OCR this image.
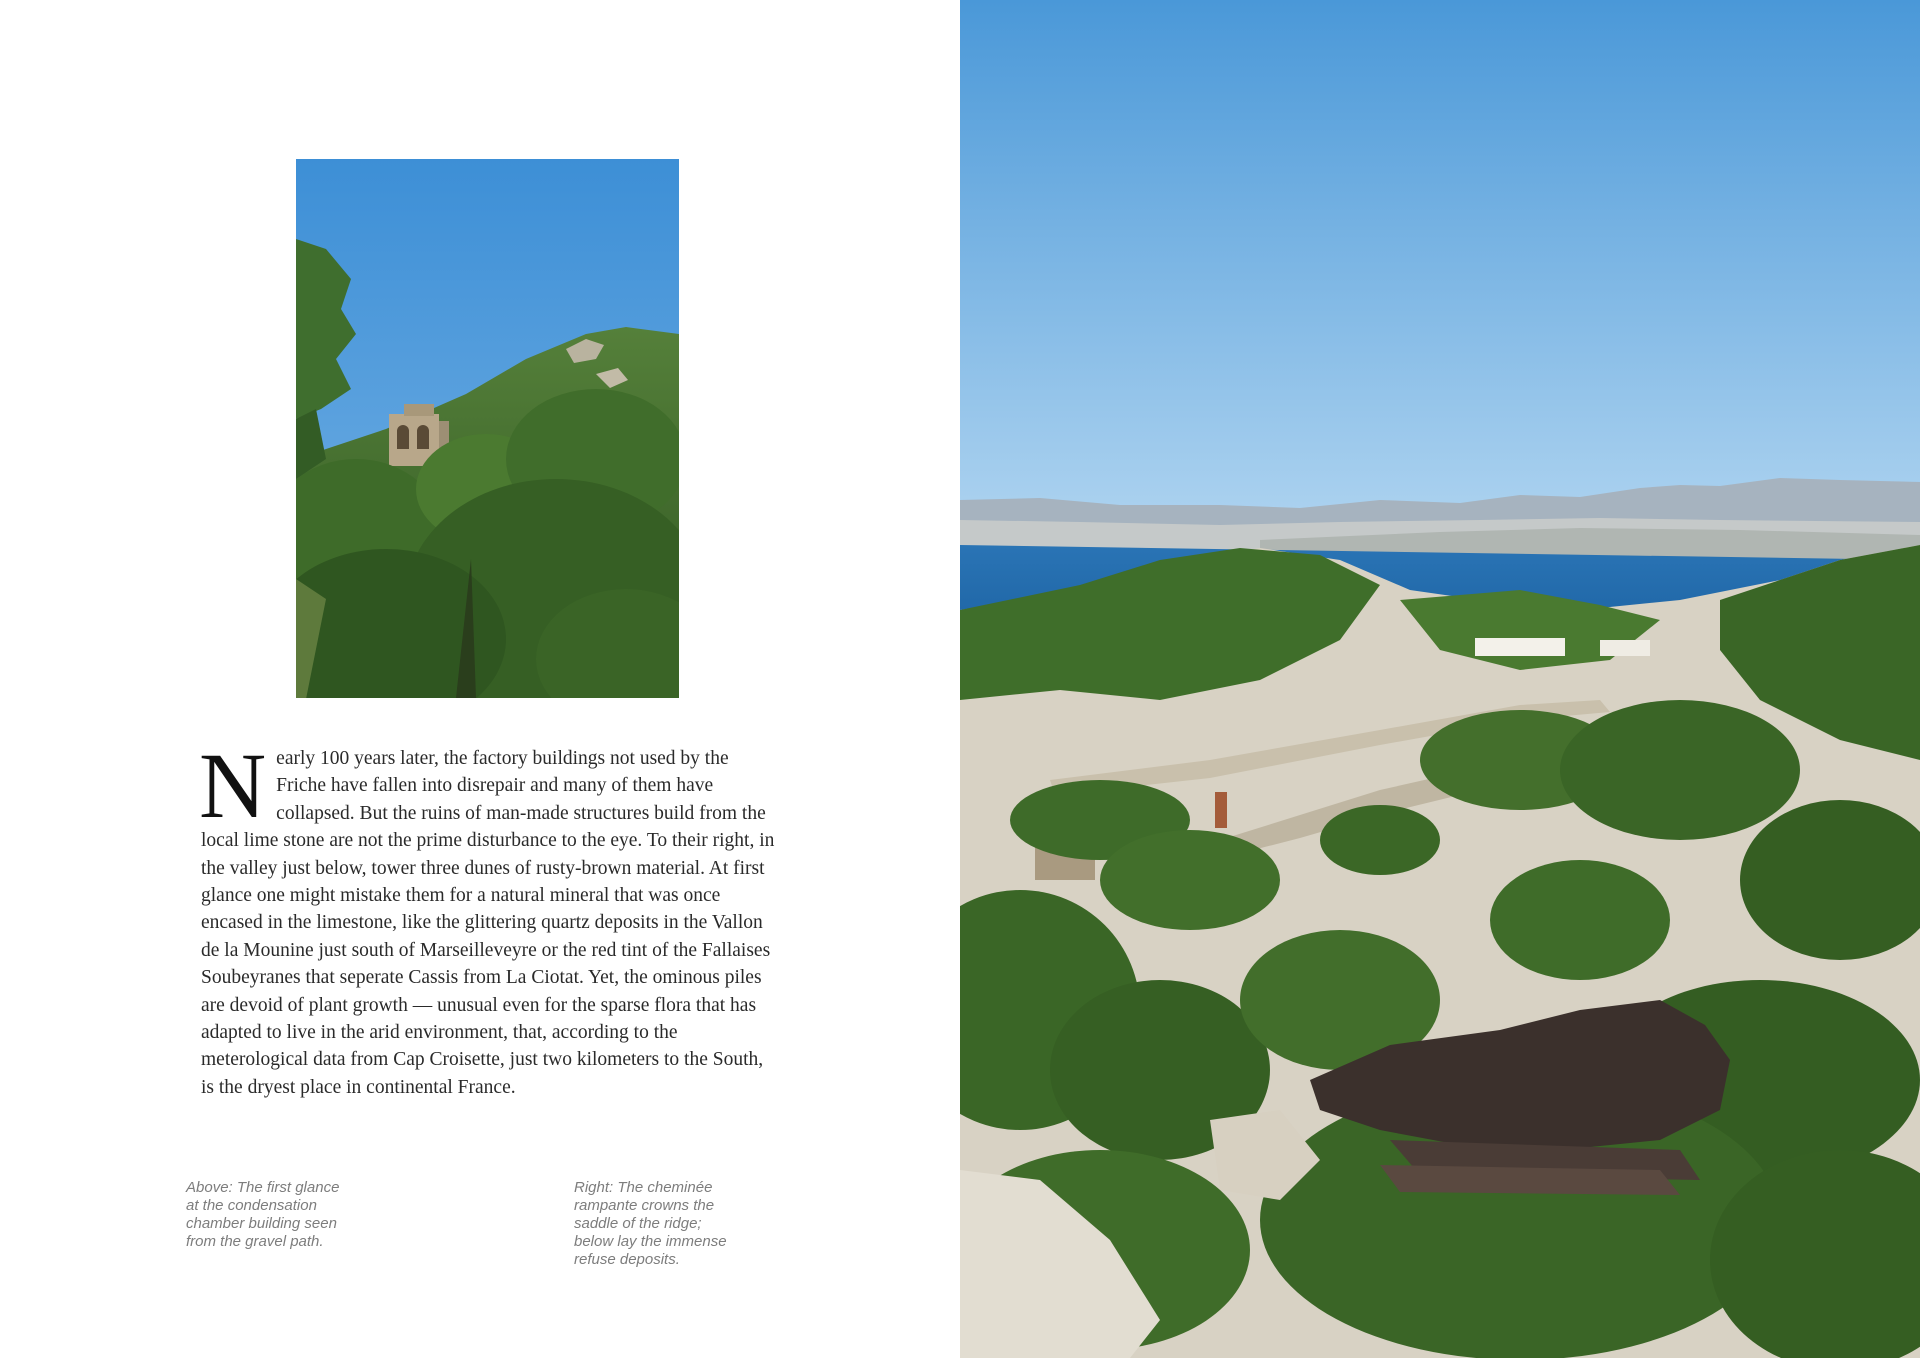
Nearly 100 years later, the factory buildings not used by the Friche have fallen into disrepair and many of them have collapsed. But the ruins of man-made structures build from the local lime stone are not the prime disturbance to the eye. To their right, in the valley just below, tower three dunes of rusty-brown material. At first glance one might mistake them for a natural mineral that was once encased in the limestone, like the glittering quartz deposits in the Vallon de la Mounine just south of Marseilleveyre or the red tint of the Fallaises Soubeyranes that seperate Cassis from La Ciotat. Yet, the ominous piles are devoid of plant growth — unusual even for the sparse flora that has adapted to live in the arid environment, that, according to the meterological data from Cap Croisette, just two kilometers to the South, is the dryest place in continental France.

Above: The first glance
at the condensation
chamber building seen
from the gravel path.

Right: The cheminée
rampante crowns the
saddle of the ridge;
below lay the immense
refuse deposits.
